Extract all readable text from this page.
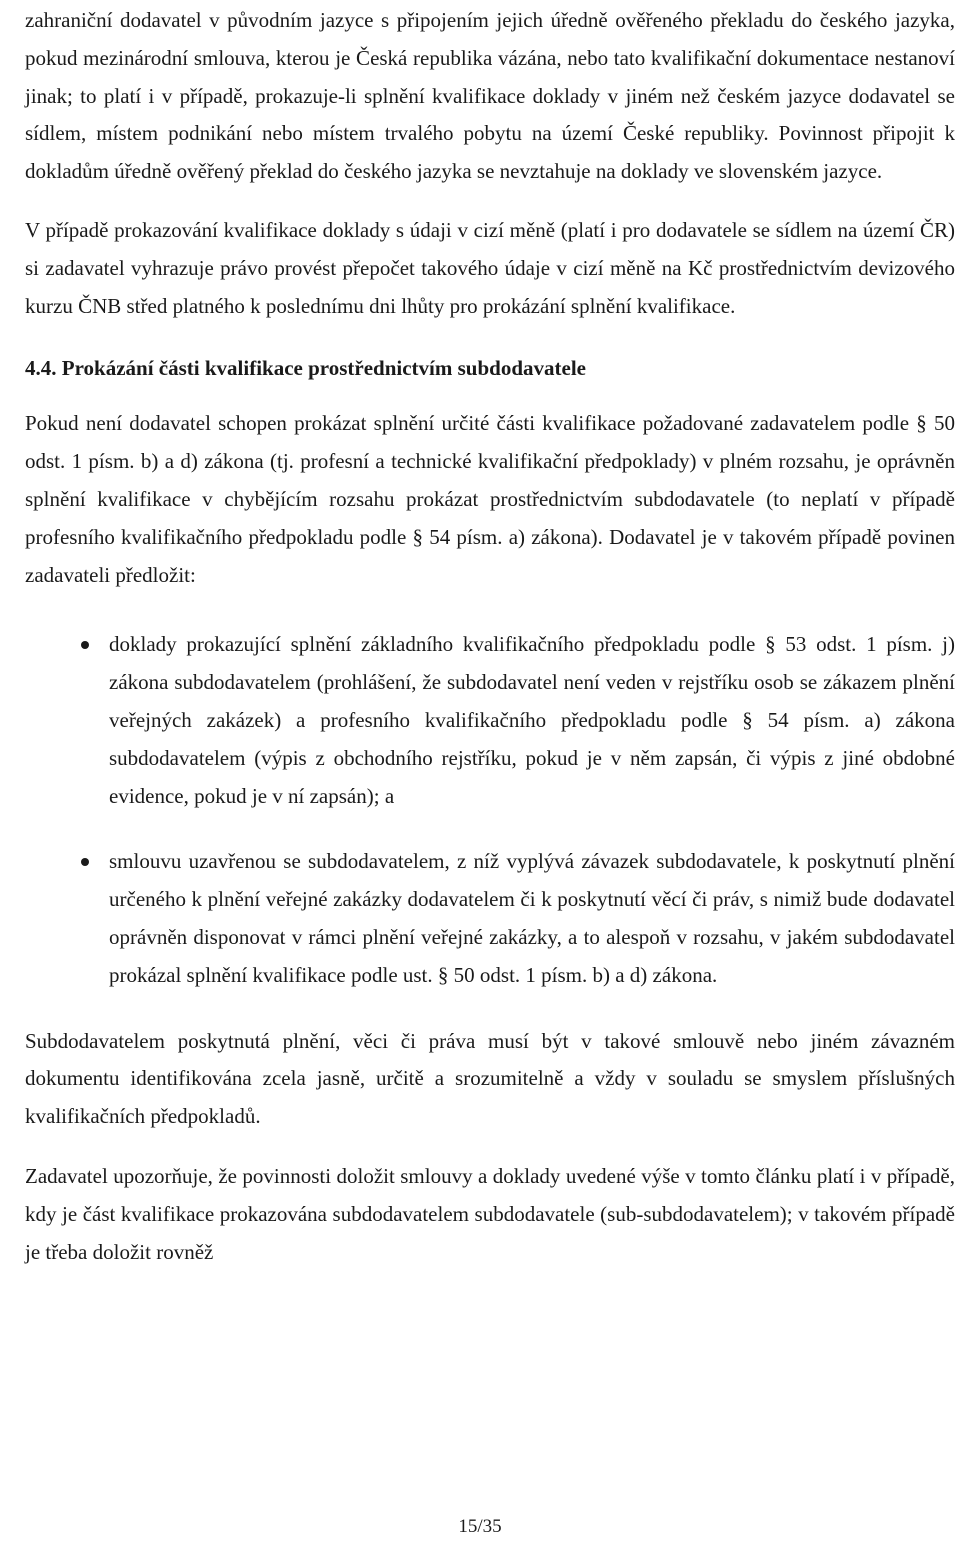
zahraniční dodavatel v původním jazyce s připojením jejich úředně ověřeného překladu do českého jazyka, pokud mezinárodní smlouva, kterou je Česká republika vázána, nebo tato kvalifikační dokumentace nestanoví jinak; to platí i v případě, prokazuje-li splnění kvalifikace doklady v jiném než českém jazyce dodavatel se sídlem, místem podnikání nebo místem trvalého pobytu na území České republiky. Povinnost připojit k dokladům úředně ověřený překlad do českého jazyka se nevztahuje na doklady ve slovenském jazyce.

V případě prokazování kvalifikace doklady s údaji v cizí měně (platí i pro dodavatele se sídlem na území ČR) si zadavatel vyhrazuje právo provést přepočet takového údaje v cizí měně na Kč prostřednictvím devizového kurzu ČNB střed platného k poslednímu dni lhůty pro prokázání splnění kvalifikace.

4.4. Prokázání části kvalifikace prostřednictvím subdodavatele

Pokud není dodavatel schopen prokázat splnění určité části kvalifikace požadované zadavatelem podle § 50 odst. 1 písm. b) a d) zákona (tj. profesní a technické kvalifikační předpoklady) v plném rozsahu, je oprávněn splnění kvalifikace v chybějícím rozsahu prokázat prostřednictvím subdodavatele (to neplatí v případě profesního kvalifikačního předpokladu podle § 54 písm. a) zákona). Dodavatel je v takovém případě povinen zadavateli předložit:

doklady prokazující splnění základního kvalifikačního předpokladu podle § 53 odst. 1 písm. j) zákona subdodavatelem (prohlášení, že subdodavatel není veden v rejstříku osob se zákazem plnění veřejných zakázek) a profesního kvalifikačního předpokladu podle § 54 písm. a) zákona subdodavatelem (výpis z obchodního rejstříku, pokud je v něm zapsán, či výpis z jiné obdobné evidence, pokud je v ní zapsán); a
smlouvu uzavřenou se subdodavatelem, z níž vyplývá závazek subdodavatele, k poskytnutí plnění určeného k plnění veřejné zakázky dodavatelem či k poskytnutí věcí či práv, s nimiž bude dodavatel oprávněn disponovat v rámci plnění veřejné zakázky, a to alespoň v rozsahu, v jakém subdodavatel prokázal splnění kvalifikace podle ust. § 50 odst. 1 písm. b) a d) zákona.

Subdodavatelem poskytnutá plnění, věci či práva musí být v takové smlouvě nebo jiném závazném dokumentu identifikována zcela jasně, určitě a srozumitelně a vždy v souladu se smyslem příslušných kvalifikačních předpokladů.

Zadavatel upozorňuje, že povinnosti doložit smlouvy a doklady uvedené výše v tomto článku platí i v případě, kdy je část kvalifikace prokazována subdodavatelem subdodavatele (sub-subdodavatelem); v takovém případě je třeba doložit rovněž

15/35
